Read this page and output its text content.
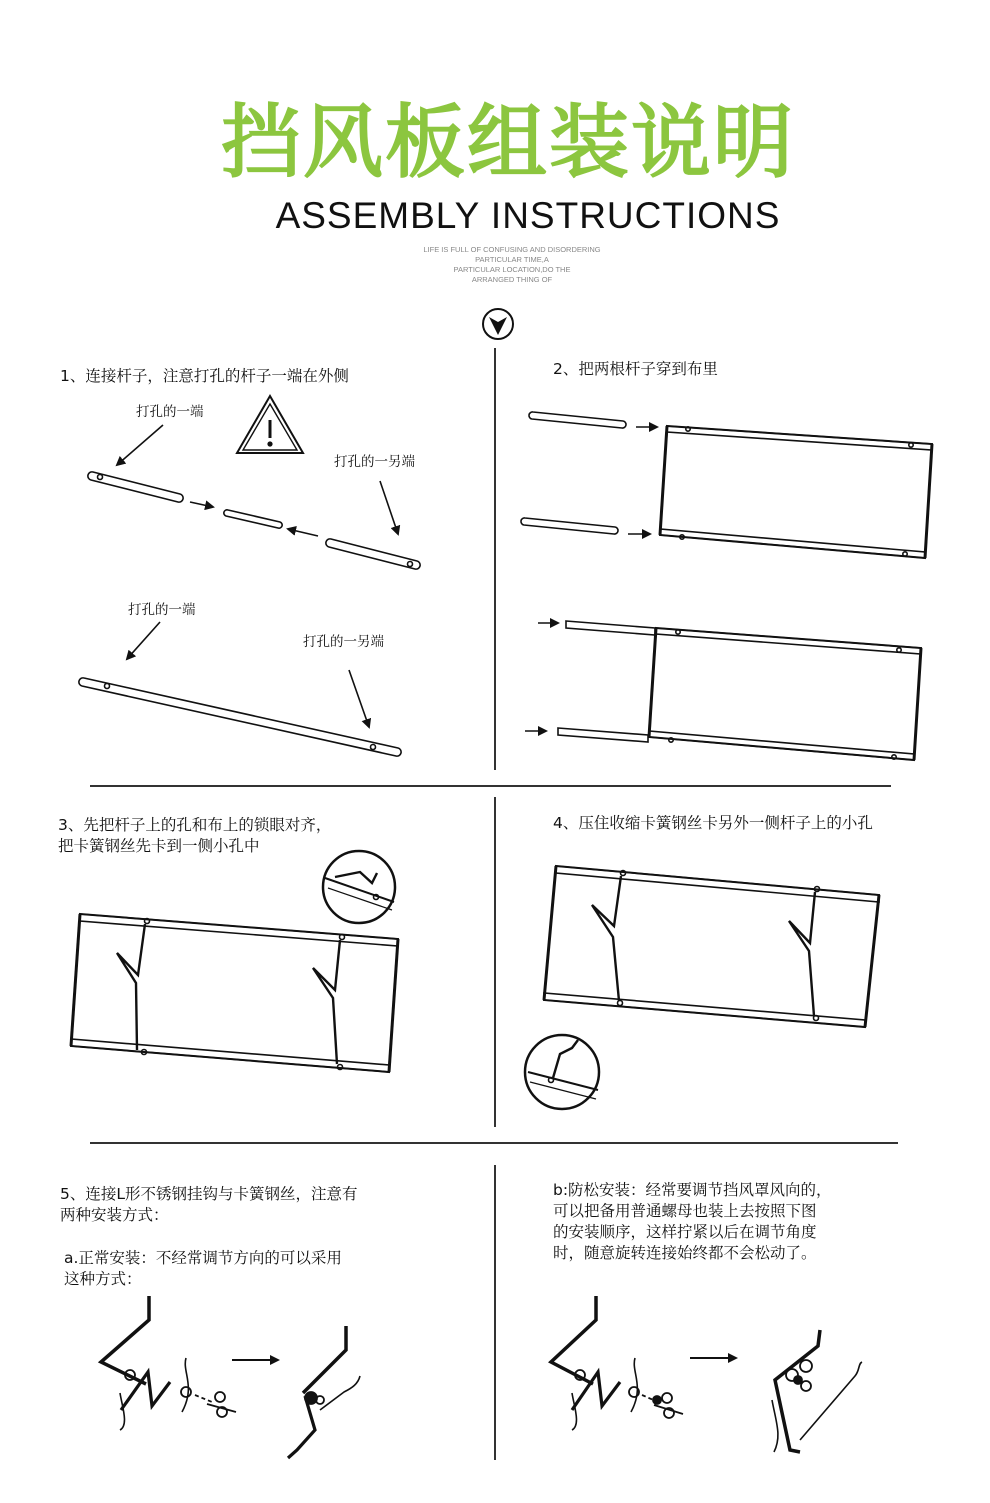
挡风板组装说明
ASSEMBLY INSTRUCTIONS
LIFE IS FULL OF CONFUSING AND DISORDERING
PARTICULAR TIME,A
PARTICULAR LOCATION,DO THE
ARRANGED THING OF
1、连接杆子，注意打孔的杆子一端在外侧	2、把两根杆子穿到布里
3、先把杆子上的孔和布上的锁眼对齐，
把卡簧钢丝先卡到一侧小孔中
4、压住收缩卡簧钢丝卡另外一侧杆子上的小孔
5、连接L形不锈钢挂钩与卡簧钢丝，注意有
两种安装方式：
a.正常安装：不经常调节方向的可以采用
这种方式：
b:防松安装：经常要调节挡风罩风向的，
可以把备用普通螺母也装上去按照下图
的安装顺序，这样拧紧以后在调节角度
时，随意旋转连接始终都不会松动了。
打孔的一端
打孔的一另端
打孔的一端
打孔的一另端
